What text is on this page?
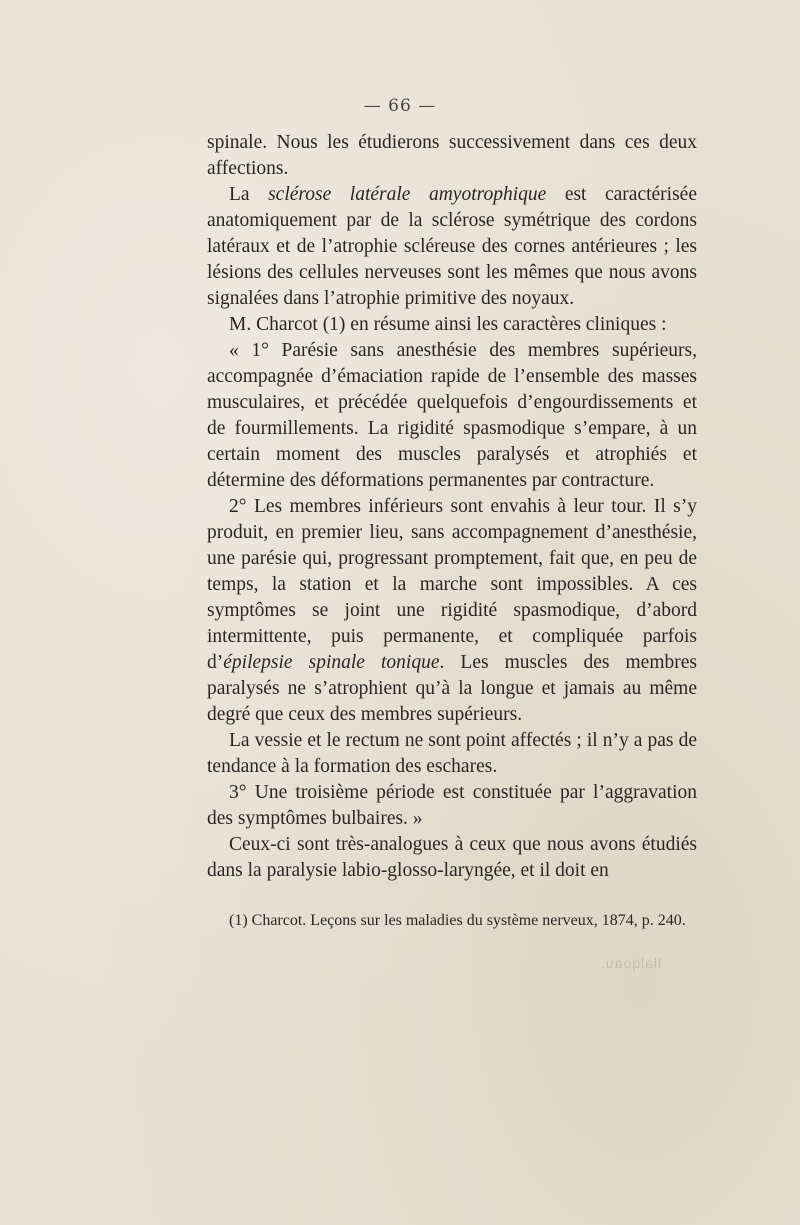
— 66 —

spinale. Nous les étudierons successivement dans ces deux affections.

La sclérose latérale amyotrophique est caractérisée anatomiquement par de la sclérose symétrique des cordons latéraux et de l’atrophie scléreuse des cornes antérieures ; les lésions des cellules nerveuses sont les mêmes que nous avons signalées dans l’atrophie primitive des noyaux.

M. Charcot (1) en résume ainsi les caractères cliniques :

« 1° Parésie sans anesthésie des membres supérieurs, accompagnée d’émaciation rapide de l’ensemble des masses musculaires, et précédée quelquefois d’engourdissements et de fourmillements. La rigidité spasmodique s’empare, à un certain moment des muscles paralysés et atrophiés et détermine des déformations permanentes par contracture.

2° Les membres inférieurs sont envahis à leur tour. Il s’y produit, en premier lieu, sans accompagnement d’anesthésie, une parésie qui, progressant promptement, fait que, en peu de temps, la station et la marche sont impossibles. A ces symptômes se joint une rigidité spasmodique, d’abord intermittente, puis permanente, et compliquée parfois d’épilepsie spinale tonique. Les muscles des membres paralysés ne s’atrophient qu’à la longue et jamais au même degré que ceux des membres supérieurs.

La vessie et le rectum ne sont point affectés ; il n’y a pas de tendance à la formation des eschares.

3° Une troisième période est constituée par l’aggravation des symptômes bulbaires. »

Ceux-ci sont très-analogues à ceux que nous avons étudiés dans la paralysie labio-glosso-laryngée, et il doit en

(1) Charcot. Leçons sur les maladies du système nerveux, 1874, p. 240.

llalqoau.
